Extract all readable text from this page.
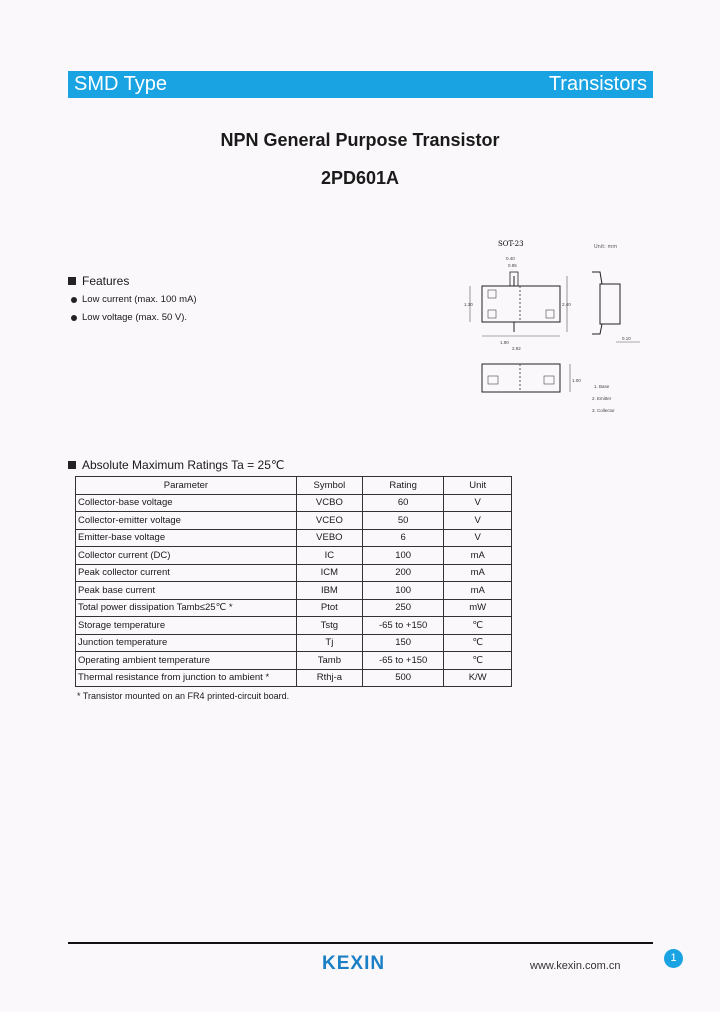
SMD Type	Transistors
NPN General Purpose Transistor
2PD601A
Features
Low current (max. 100 mA)
Low voltage (max. 50 V).
SOT-23	Unit: mm
0.40
0.95
1.30	2.40
1.90
2.92
0.10
1.00
1. Base
2. Emitter
3. Collector
Absolute Maximum Ratings Ta = 25℃
Parameter	Symbol	Rating	Unit
Collector-base voltage	VCBO	60	V
Collector-emitter voltage	VCEO	50	V
Emitter-base voltage	VEBO	6	V
Collector current (DC)	IC	100	mA
Peak collector current	ICM	200	mA
Peak base current	IBM	100	mA
Total power dissipation Tamb≤25℃ *	Ptot	250	mW
Storage temperature	Tstg	-65 to +150	℃
Junction temperature	Tj	150	℃
Operating ambient temperature	Tamb	-65 to +150	℃
Thermal resistance from junction to ambient *	Rthj-a	500	K/W
* Transistor mounted on an FR4 printed-circuit board.
KEXIN	www.kexin.com.cn
1
